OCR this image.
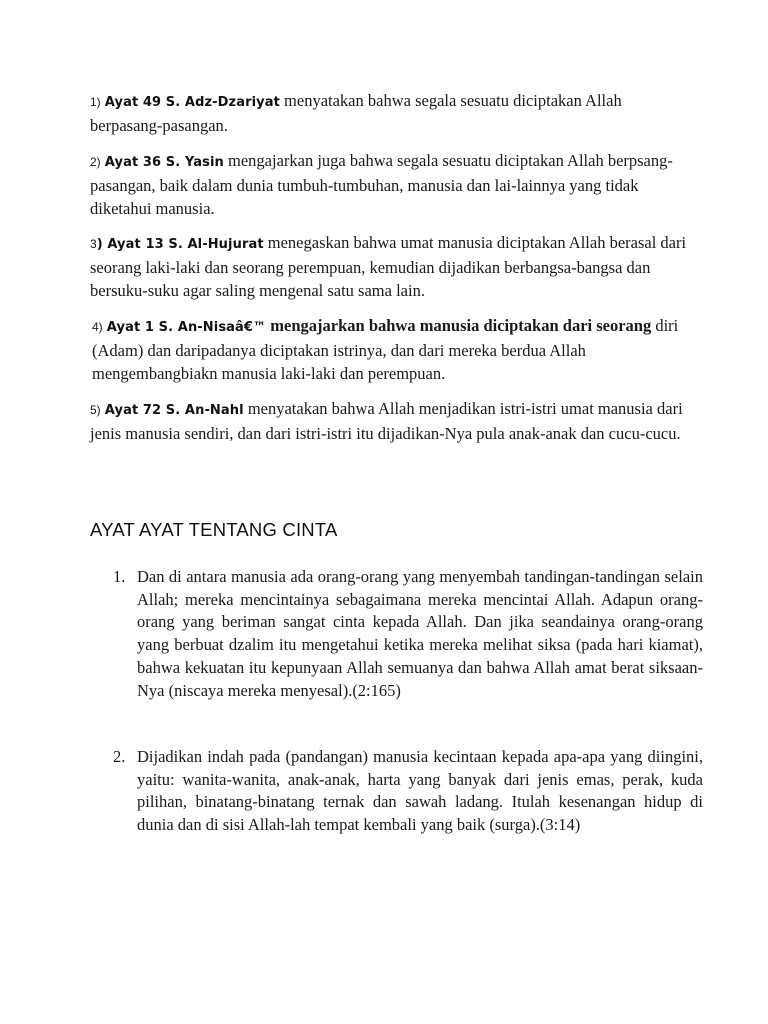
1) Ayat 49 S. Adz-Dzariyat menyatakan bahwa segala sesuatu diciptakan Allah berpasang-pasangan.
2) Ayat 36 S. Yasin mengajarkan juga bahwa segala sesuatu diciptakan Allah berpsang-pasangan, baik dalam dunia tumbuh-tumbuhan, manusia dan lai-lainnya yang tidak diketahui manusia.
3) Ayat 13 S. Al-Hujurat menegaskan bahwa umat manusia diciptakan Allah berasal dari seorang laki-laki dan seorang perempuan, kemudian dijadikan berbangsa-bangsa dan bersuku-suku agar saling mengenal satu sama lain.
4) Ayat 1 S. An-Nisaâ€™ mengajarkan bahwa manusia diciptakan dari seorang diri (Adam) dan daripadanya diciptakan istrinya, dan dari mereka berdua Allah mengembangbiakn manusia laki-laki dan perempuan.
5) Ayat 72 S. An-Nahl menyatakan bahwa Allah menjadikan istri-istri umat manusia dari jenis manusia sendiri, dan dari istri-istri itu dijadikan-Nya pula anak-anak dan cucu-cucu.
AYAT AYAT TENTANG CINTA
1. Dan di antara manusia ada orang-orang yang menyembah tandingan-tandingan selain Allah; mereka mencintainya sebagaimana mereka mencintai Allah. Adapun orang-orang yang beriman sangat cinta kepada Allah. Dan jika seandainya orang-orang yang berbuat dzalim itu mengetahui ketika mereka melihat siksa (pada hari kiamat), bahwa kekuatan itu kepunyaan Allah semuanya dan bahwa Allah amat berat siksaan-Nya (niscaya mereka menyesal).(2:165)
2. Dijadikan indah pada (pandangan) manusia kecintaan kepada apa-apa yang diingini, yaitu: wanita-wanita, anak-anak, harta yang banyak dari jenis emas, perak, kuda pilihan, binatang-binatang ternak dan sawah ladang. Itulah kesenangan hidup di dunia dan di sisi Allah-lah tempat kembali yang baik (surga).(3:14)
